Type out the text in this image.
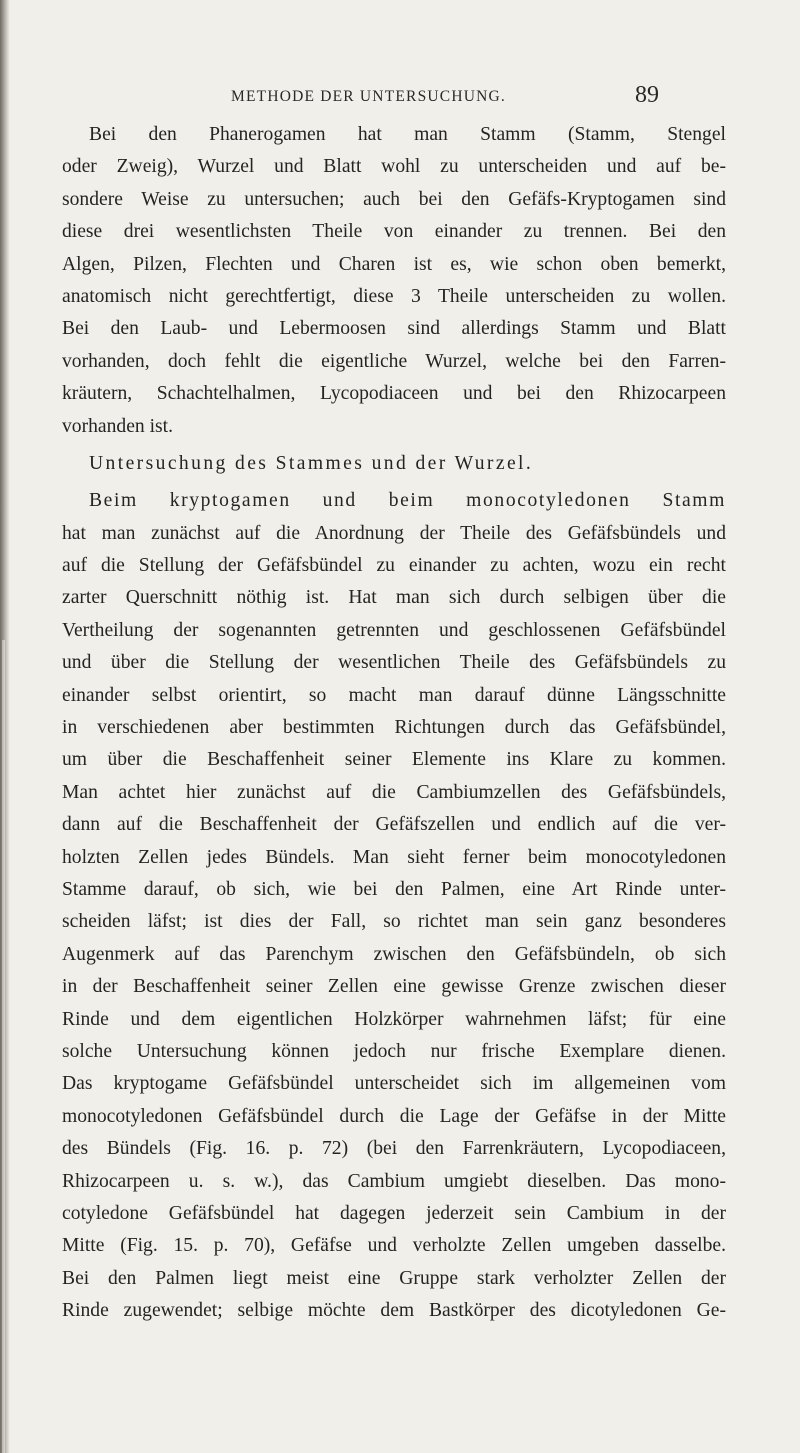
METHODE DER UNTERSUCHUNG.	89
Bei den Phanerogamen hat man Stamm (Stamm, Stengel
oder Zweig), Wurzel und Blatt wohl zu unterscheiden und auf be-
sondere Weise zu untersuchen; auch bei den Gefäfs-Kryptogamen sind
diese drei wesentlichsten Theile von einander zu trennen. Bei den
Algen, Pilzen, Flechten und Charen ist es, wie schon oben bemerkt,
anatomisch nicht gerechtfertigt, diese 3 Theile unterscheiden zu wollen.
Bei den Laub- und Lebermoosen sind allerdings Stamm und Blatt
vorhanden, doch fehlt die eigentliche Wurzel, welche bei den Farren-
kräutern, Schachtelhalmen, Lycopodiaceen und bei den Rhizocarpeen
vorhanden ist.
Untersuchung des Stammes und der Wurzel.
Beim kryptogamen und beim monocotyledonen Stamm
hat man zunächst auf die Anordnung der Theile des Gefäfsbündels und
auf die Stellung der Gefäfsbündel zu einander zu achten, wozu ein recht
zarter Querschnitt nöthig ist. Hat man sich durch selbigen über die
Vertheilung der sogenannten getrennten und geschlossenen Gefäfsbündel
und über die Stellung der wesentlichen Theile des Gefäfsbündels zu
einander selbst orientirt, so macht man darauf dünne Längsschnitte
in verschiedenen aber bestimmten Richtungen durch das Gefäfsbündel,
um über die Beschaffenheit seiner Elemente ins Klare zu kommen.
Man achtet hier zunächst auf die Cambiumzellen des Gefäfsbündels,
dann auf die Beschaffenheit der Gefäfszellen und endlich auf die ver-
holzten Zellen jedes Bündels. Man sieht ferner beim monocotyledonen
Stamme darauf, ob sich, wie bei den Palmen, eine Art Rinde unter-
scheiden läfst; ist dies der Fall, so richtet man sein ganz besonderes
Augenmerk auf das Parenchym zwischen den Gefäfsbündeln, ob sich
in der Beschaffenheit seiner Zellen eine gewisse Grenze zwischen dieser
Rinde und dem eigentlichen Holzkörper wahrnehmen läfst; für eine
solche Untersuchung können jedoch nur frische Exemplare dienen.
Das kryptogame Gefäfsbündel unterscheidet sich im allgemeinen vom
monocotyledonen Gefäfsbündel durch die Lage der Gefäfse in der Mitte
des Bündels (Fig. 16. p. 72) (bei den Farrenkräutern, Lycopodiaceen,
Rhizocarpeen u. s. w.), das Cambium umgiebt dieselben. Das mono-
cotyledone Gefäfsbündel hat dagegen jederzeit sein Cambium in der
Mitte (Fig. 15. p. 70), Gefäfse und verholzte Zellen umgeben dasselbe.
Bei den Palmen liegt meist eine Gruppe stark verholzter Zellen der
Rinde zugewendet; selbige möchte dem Bastkörper des dicotyledonen Ge-
